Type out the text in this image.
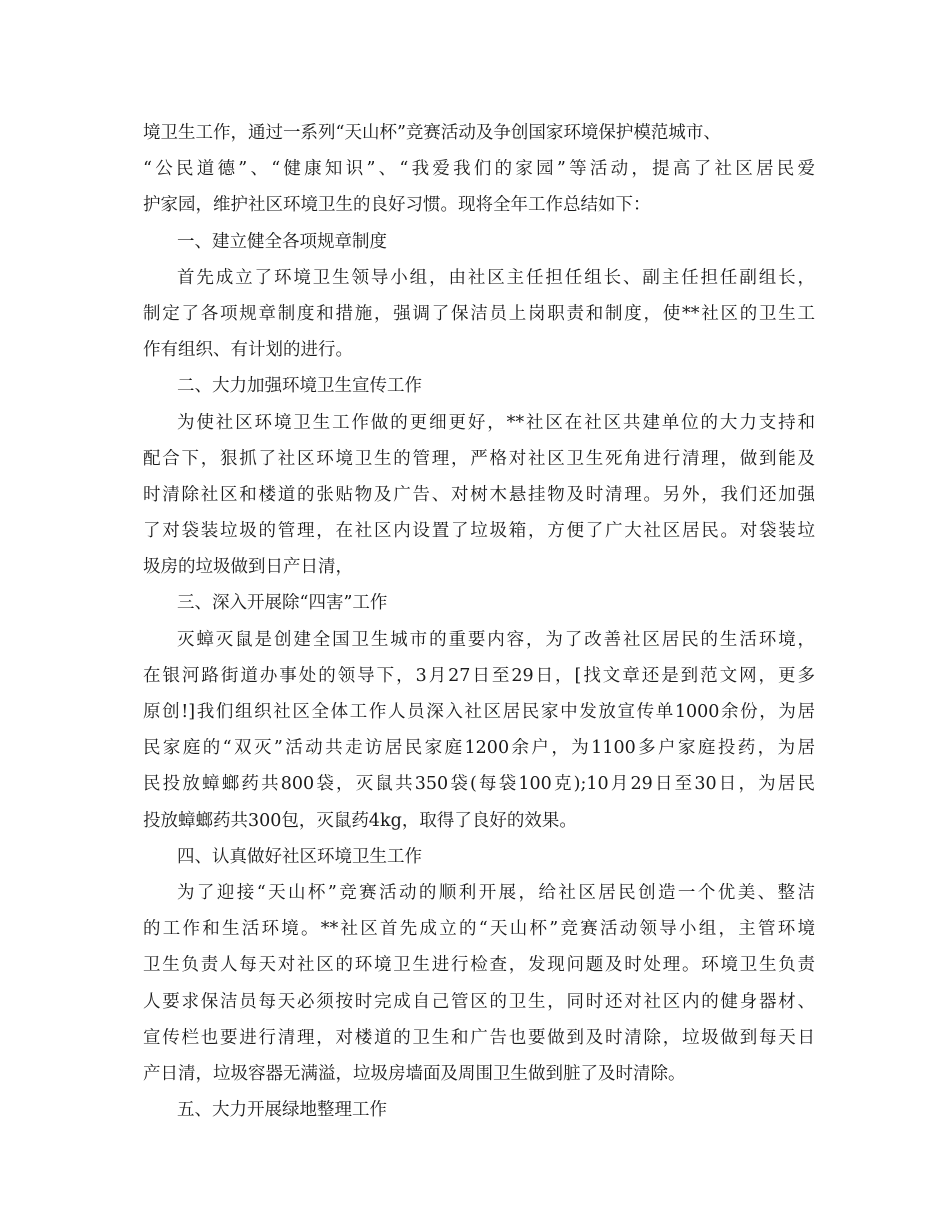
境卫生工作，通过一系列“天山杯”竞赛活动及争创国家环境保护模范城市、
“公民道德”、“健康知识”、“我爱我们的家园”等活动，提高了社区居民爱
护家园，维护社区环境卫生的良好习惯。现将全年工作总结如下：
一、建立健全各项规章制度
首先成立了环境卫生领导小组，由社区主任担任组长、副主任担任副组长，
制定了各项规章制度和措施，强调了保洁员上岗职责和制度，使**社区的卫生工
作有组织、有计划的进行。
二、大力加强环境卫生宣传工作
为使社区环境卫生工作做的更细更好，**社区在社区共建单位的大力支持和
配合下，狠抓了社区环境卫生的管理，严格对社区卫生死角进行清理，做到能及
时清除社区和楼道的张贴物及广告、对树木悬挂物及时清理。另外，我们还加强
了对袋装垃圾的管理，在社区内设置了垃圾箱，方便了广大社区居民。对袋装垃
圾房的垃圾做到日产日清，
三、深入开展除“四害”工作
灭蟑灭鼠是创建全国卫生城市的重要内容，为了改善社区居民的生活环境，
在银河路街道办事处的领导下，3月27日至29日，[找文章还是到范文网，更多
原创!]我们组织社区全体工作人员深入社区居民家中发放宣传单1000余份，为居
民家庭的“双灭”活动共走访居民家庭1200余户，为1100多户家庭投药，为居
民投放蟑螂药共800袋，灭鼠共350袋(每袋100克);10月29日至30日，为居民
投放蟑螂药共300包，灭鼠药4kg，取得了良好的效果。
四、认真做好社区环境卫生工作
为了迎接“天山杯”竞赛活动的顺利开展，给社区居民创造一个优美、整洁
的工作和生活环境。**社区首先成立的“天山杯”竞赛活动领导小组，主管环境
卫生负责人每天对社区的环境卫生进行检查，发现问题及时处理。环境卫生负责
人要求保洁员每天必须按时完成自己管区的卫生，同时还对社区内的健身器材、
宣传栏也要进行清理，对楼道的卫生和广告也要做到及时清除，垃圾做到每天日
产日清，垃圾容器无满溢，垃圾房墙面及周围卫生做到脏了及时清除。
五、大力开展绿地整理工作
